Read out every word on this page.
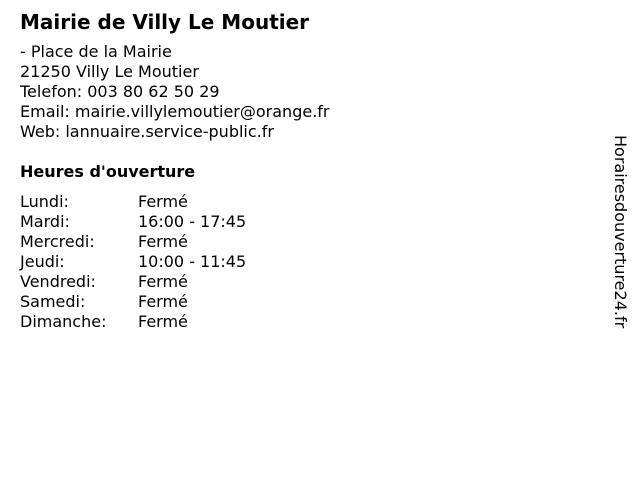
Mairie de Villy Le Moutier
- Place de la Mairie
21250 Villy Le Moutier
Telefon: 003 80 62 50 29
Email: mairie.villylemoutier@orange.fr
Web: lannuaire.service-public.fr
Heures d'ouverture
Lundi:	Fermé
Mardi:	16:00 - 17:45
Mercredi:	Fermé
Jeudi:	10:00 - 11:45
Vendredi:	Fermé
Samedi:	Fermé
Dimanche:	Fermé	Horairesdouverture24.fr
